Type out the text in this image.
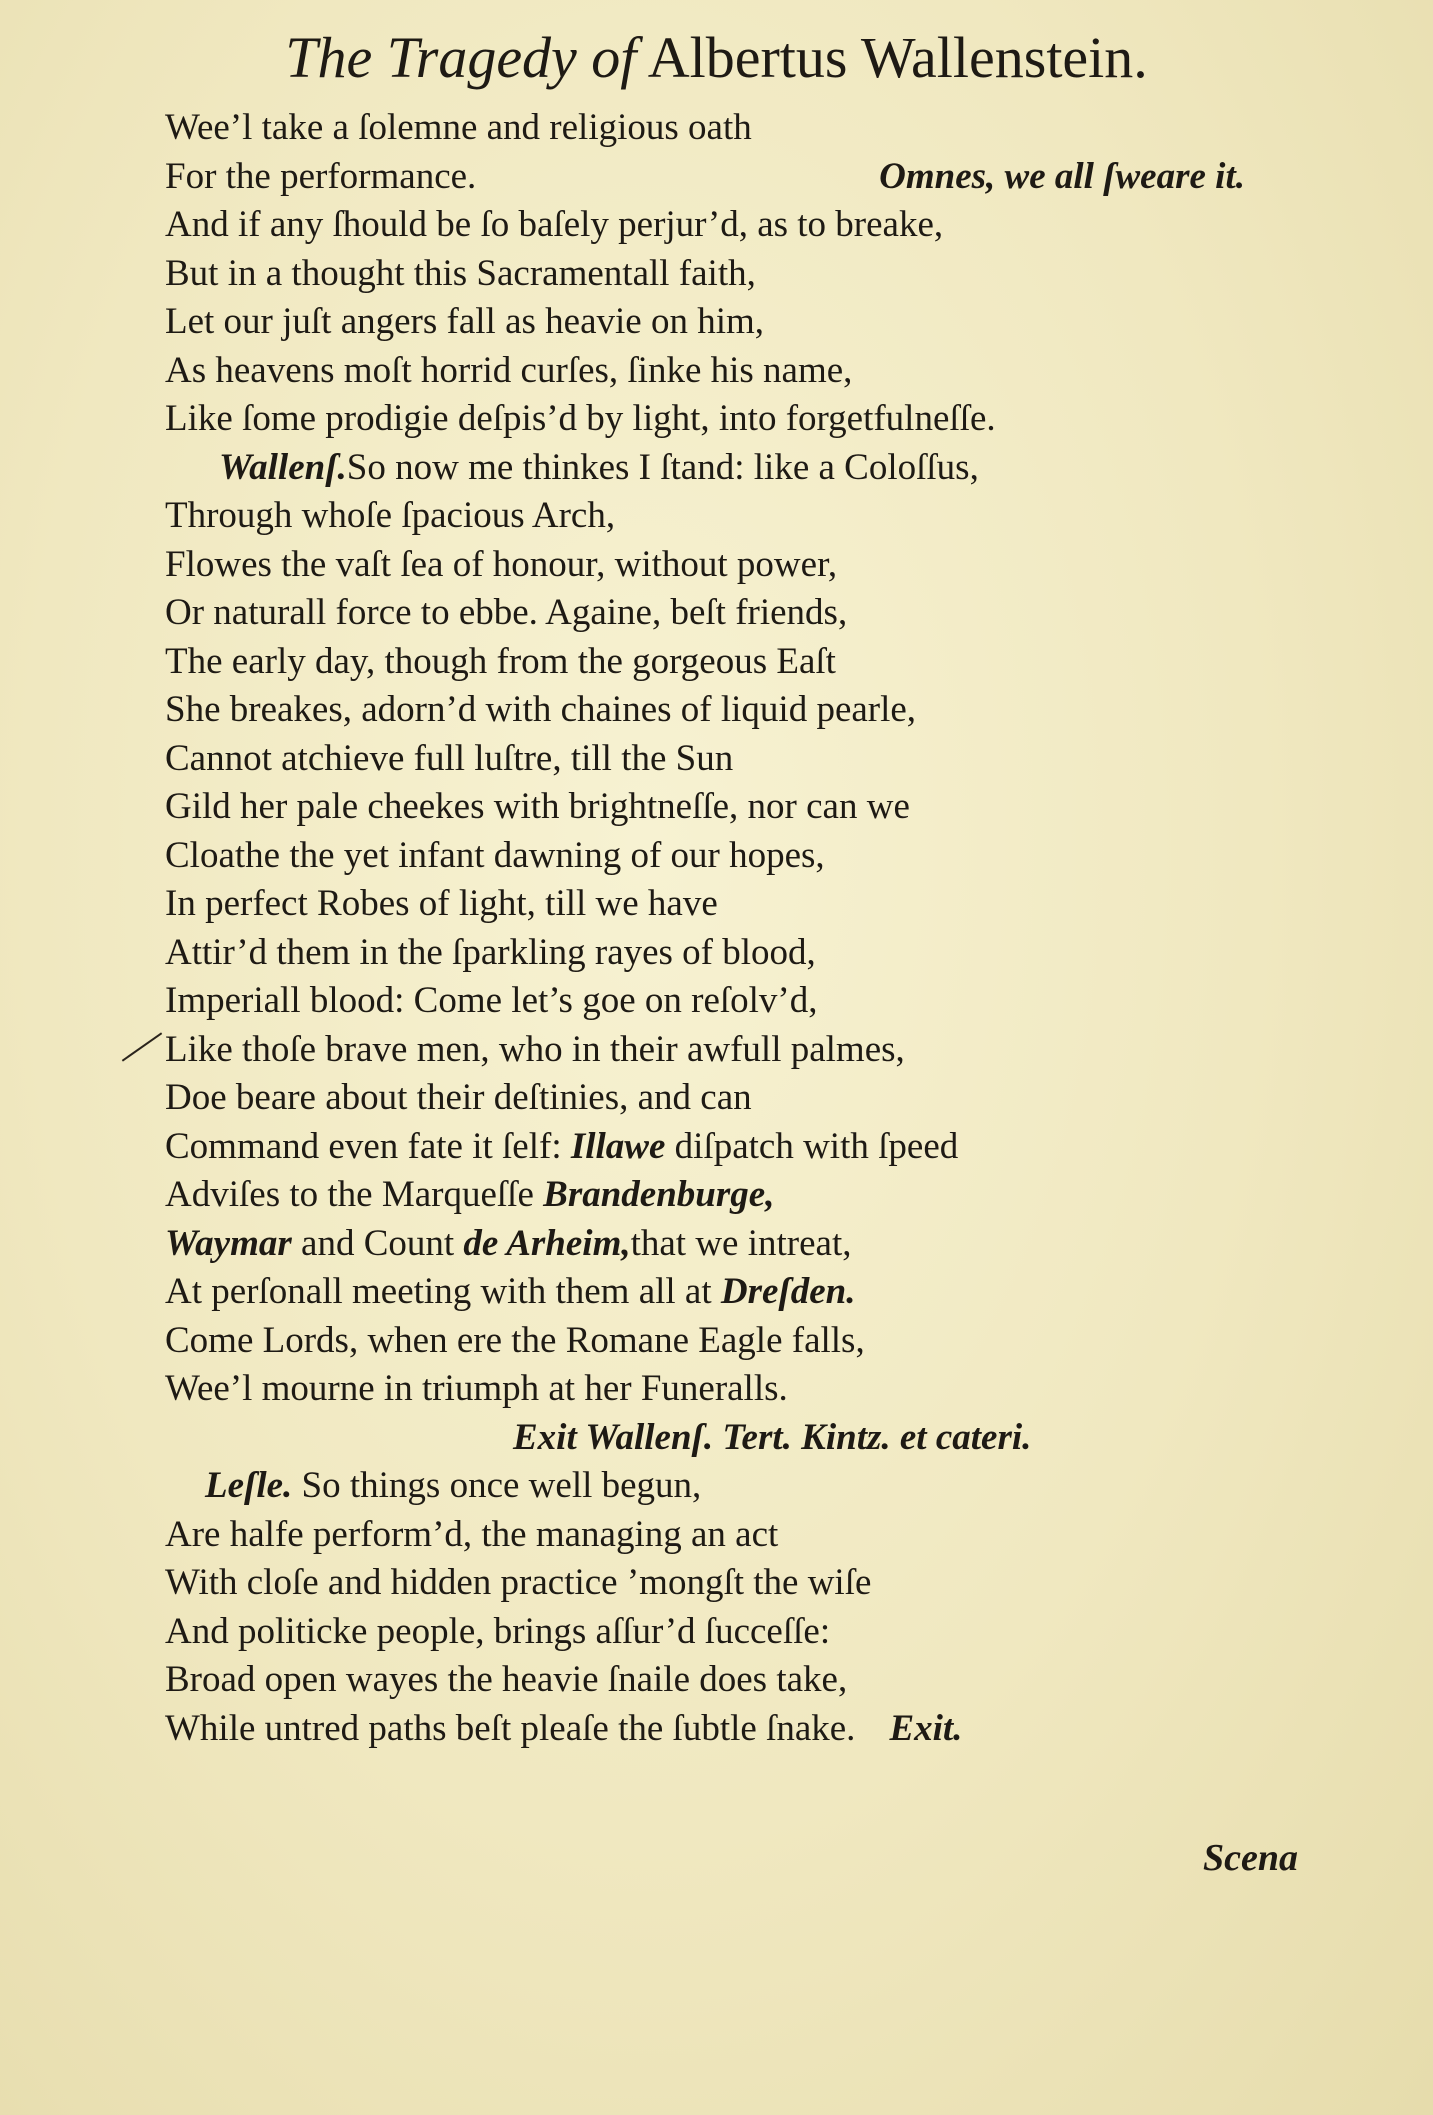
The Tragedy of Albertus Wallenstein.
Wee’l take a ſolemne and religious oath
For the performance.	Omnes, we all ſweare it.
And if any ſhould be ſo baſely perjur’d, as to breake,
But in a thought this Sacramentall faith,
Let our juſt angers fall as heavie on him,
As heavens moſt horrid curſes, ſinke his name,
Like ſome prodigie deſpis’d by light, into forgetfulneſſe.
Wallenſ.So now me thinkes I ſtand: like a Coloſſus,
Through whoſe ſpacious Arch,
Flowes the vaſt ſea of honour, without power,
Or naturall force to ebbe. Againe, beſt friends,
The early day, though from the gorgeous Eaſt
She breakes, adorn’d with chaines of liquid pearle,
Cannot atchieve full luſtre, till the Sun
Gild her pale cheekes with brightneſſe, nor can we
Cloathe the yet infant dawning of our hopes,
In perfect Robes of light, till we have
Attir’d them in the ſparkling rayes of blood,
Imperiall blood: Come let’s goe on reſolv’d,
Like thoſe brave men, who in their awfull palmes,
Doe beare about their deſtinies, and can
Command even fate it ſelf: Illawe diſpatch with ſpeed
Adviſes to the Marqueſſe Brandenburge,
Waymar and Count de Arheim,that we intreat,
At perſonall meeting with them all at Dreſden.
Come Lords, when ere the Romane Eagle falls,
Wee’l mourne in triumph at her Funeralls.
Exit Wallenſ. Tert. Kintz. et cateri.
Leſle. So things once well begun,
Are halfe perform’d, the managing an act
With cloſe and hidden practice ’mongſt the wiſe
And politicke people, brings aſſur’d ſucceſſe:
Broad open wayes the heavie ſnaile does take,
While untred paths beſt pleaſe the ſubtle ſnake. Exit.
Scena
